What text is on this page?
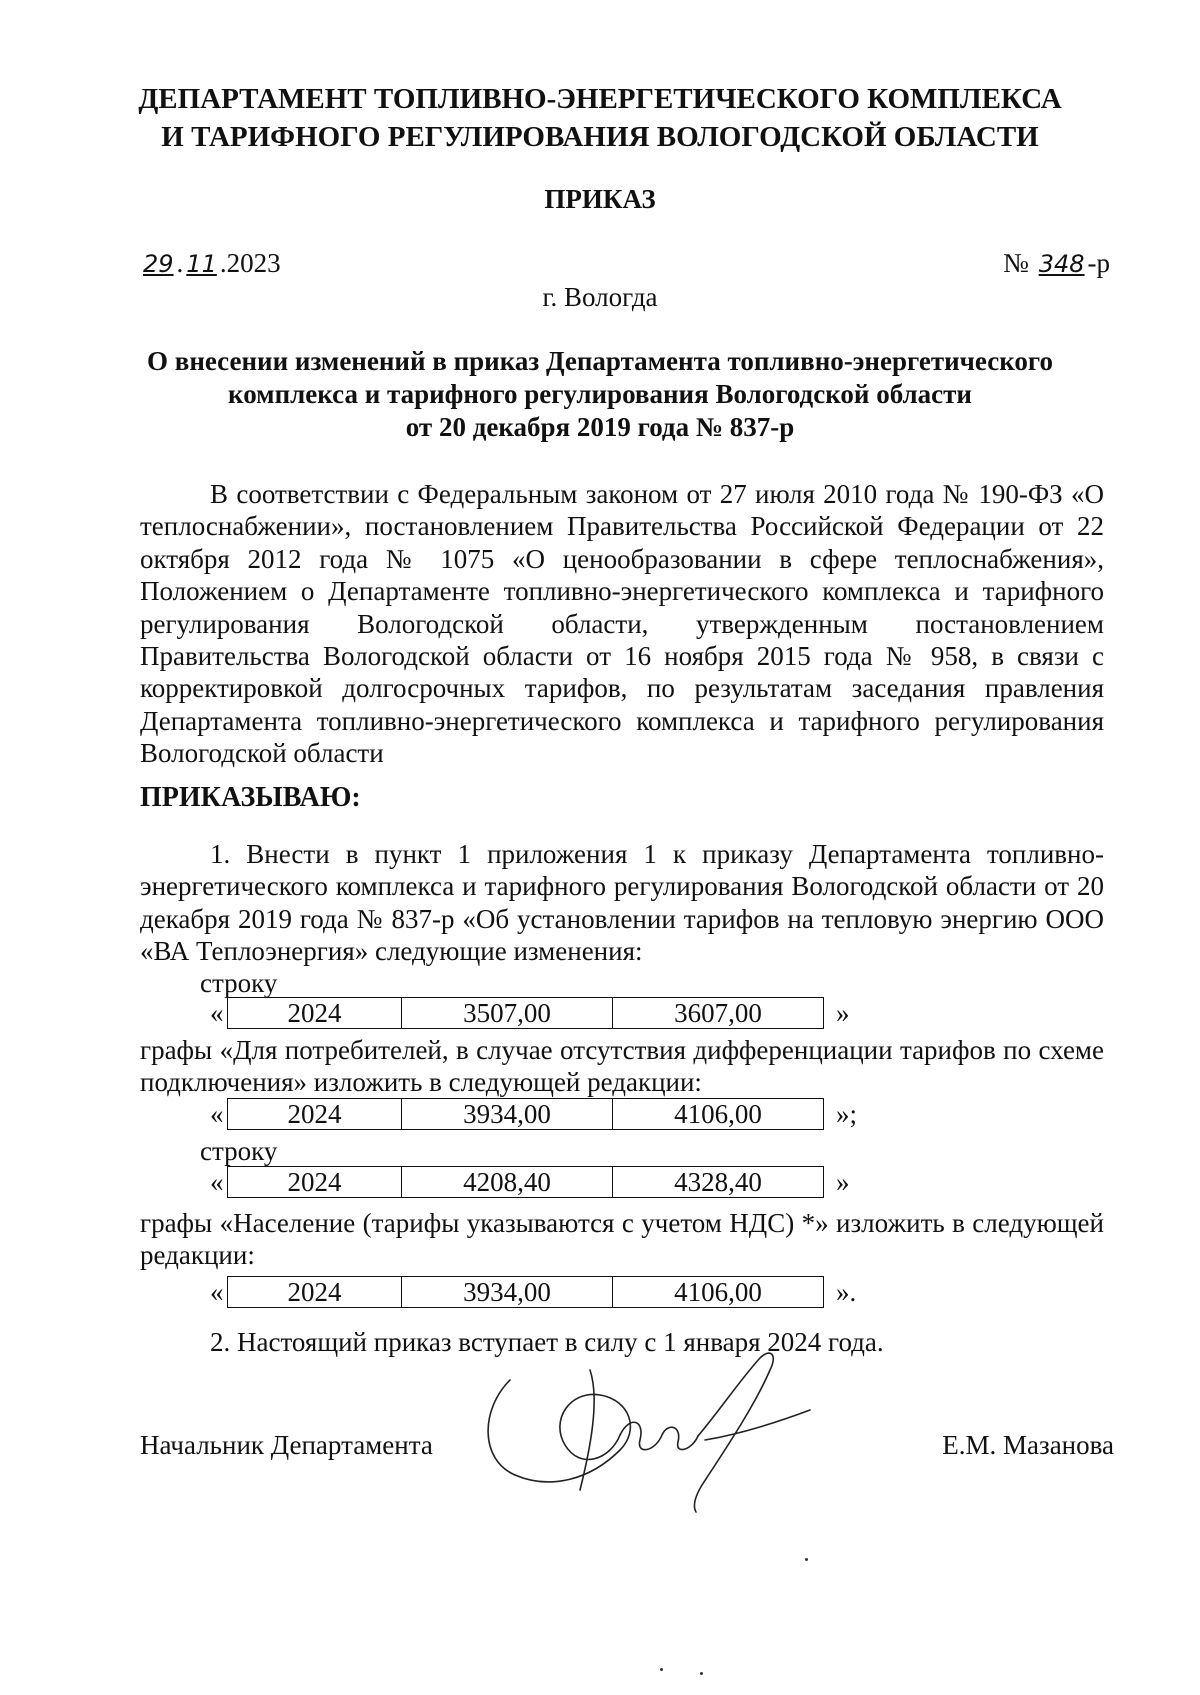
ДЕПАРТАМЕНТ ТОПЛИВНО-ЭНЕРГЕТИЧЕСКОГО КОМПЛЕКСА
И ТАРИФНОГО РЕГУЛИРОВАНИЯ ВОЛОГОДСКОЙ ОБЛАСТИ
ПРИКАЗ
29 . 11 .2023	№ 348 -р
г. Вологда
О внесении изменений в приказ Департамента топливно-энергетического
комплекса и тарифного регулирования Вологодской области
от 20 декабря 2019 года № 837-р
В соответствии с Федеральным законом от 27 июля 2010 года № 190-ФЗ «О теплоснабжении», постановлением Правительства Российской Федерации от 22 октября 2012 года № 1075 «О ценообразовании в сфере теплоснабжения», Положением о Департаменте топливно-энергетического комплекса и тарифного регулирования Вологодской области, утвержденным постановлением Правительства Вологодской области от 16 ноября 2015 года № 958, в связи с корректировкой долгосрочных тарифов, по результатам заседания правления Департамента топливно-энергетического комплекса и тарифного регулирования Вологодской области
ПРИКАЗЫВАЮ:
1. Внести в пункт 1 приложения 1 к приказу Департамента топливно-энергетического комплекса и тарифного регулирования Вологодской области от 20 декабря 2019 года № 837-р «Об установлении тарифов на тепловую энергию ООО «ВА Теплоэнергия» следующие изменения:
строку
«	2024	3507,00	3607,00	»
графы «Для потребителей, в случае отсутствия дифференциации тарифов по схеме подключения» изложить в следующей редакции:
«	2024	3934,00	4106,00	»;
строку
«	2024	4208,40	4328,40	»
графы «Население (тарифы указываются с учетом НДС) *» изложить в следующей редакции:
«	2024	3934,00	4106,00	».
2. Настоящий приказ вступает в силу с 1 января 2024 года.
Начальник Департамента	Е.М. Мазанова
